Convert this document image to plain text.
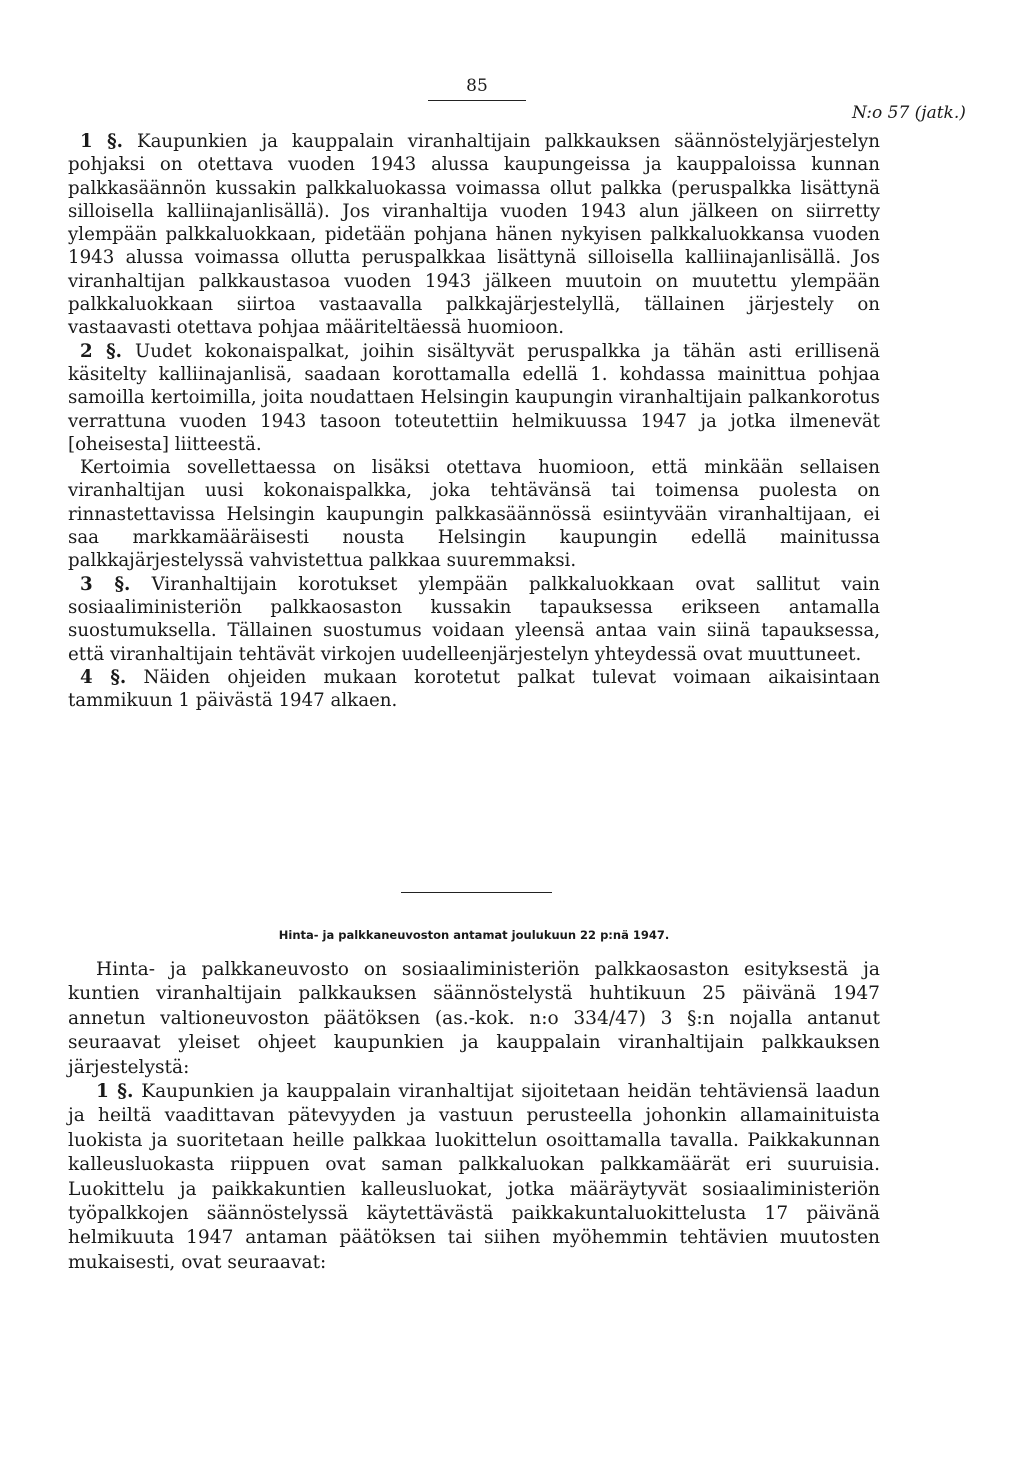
85
N:o 57 (jatk.)

1 §. Kaupunkien ja kauppalain viranhaltijain palkkauksen säännöstelyjärjestelyn pohjaksi on otettava vuoden 1943 alussa kaupungeissa ja kauppaloissa kunnan palkkasäännön kussakin palkkaluokassa voimassa ollut palkka (peruspalkka lisättynä silloisella kalliinajanlisällä). Jos viranhaltija vuoden 1943 alun jälkeen on siirretty ylempään palkkaluokkaan, pidetään pohjana hänen nykyisen palkkaluokkansa vuoden 1943 alussa voimassa ollutta peruspalkkaa lisättynä silloisella kalliinajanlisällä. Jos viranhaltijan palkkaustasoa vuoden 1943 jälkeen muutoin on muutettu ylempään palkkaluokkaan siirtoa vastaavalla palkkajärjestelyllä, tällainen järjestely on vastaavasti otettava pohjaa määriteltäessä huomioon.

2 §. Uudet kokonaispalkat, joihin sisältyvät peruspalkka ja tähän asti erillisenä käsitelty kalliinajanlisä, saadaan korottamalla edellä 1. kohdassa mainittua pohjaa samoilla kertoimilla, joita noudattaen Helsingin kaupungin viranhaltijain palkankorotus verrattuna vuoden 1943 tasoon toteutettiin helmikuussa 1947 ja jotka ilmenevät [oheisesta] liitteestä.

Kertoimia sovellettaessa on lisäksi otettava huomioon, että minkään sellaisen viranhaltijan uusi kokonaispalkka, joka tehtävänsä tai toimensa puolesta on rinnastettavissa Helsingin kaupungin palkkasäännössä esiintyvään viranhaltijaan, ei saa markkamääräisesti nousta Helsingin kaupungin edellä mainitussa palkkajärjestelyssä vahvistettua palkkaa suuremmaksi.

3 §. Viranhaltijain korotukset ylempään palkkaluokkaan ovat sallitut vain sosiaaliministeriön palkkaosaston kussakin tapauksessa erikseen antamalla suostumuksella. Tällainen suostumus voidaan yleensä antaa vain siinä tapauksessa, että viranhaltijain tehtävät virkojen uudelleenjärjestelyn yhteydessä ovat muuttuneet.

4 §. Näiden ohjeiden mukaan korotetut palkat tulevat voimaan aikaisintaan tammikuun 1 päivästä 1947 alkaen.

Hinta- ja palkkaneuvoston antamat joulukuun 22 p:nä 1947.

Hinta- ja palkkaneuvosto on sosiaaliministeriön palkkaosaston esityksestä ja kuntien viranhaltijain palkkauksen säännöstelystä huhtikuun 25 päivänä 1947 annetun valtioneuvoston päätöksen (as.-kok. n:o 334/47) 3 §:n nojalla antanut seuraavat yleiset ohjeet kaupunkien ja kauppalain viranhaltijain palkkauksen järjestelystä:

1 §. Kaupunkien ja kauppalain viranhaltijat sijoitetaan heidän tehtäviensä laadun ja heiltä vaadittavan pätevyyden ja vastuun perusteella johonkin allamainituista luokista ja suoritetaan heille palkkaa luokittelun osoittamalla tavalla. Paikkakunnan kalleusluokasta riippuen ovat saman palkkaluokan palkkamäärät eri suuruisia. Luokittelu ja paikkakuntien kalleusluokat, jotka määräytyvät sosiaaliministeriön työpalkkojen säännöstelyssä käytettävästä paikkakuntaluokittelusta 17 päivänä helmikuuta 1947 antaman päätöksen tai siihen myöhemmin tehtävien muutosten mukaisesti, ovat seuraavat:
